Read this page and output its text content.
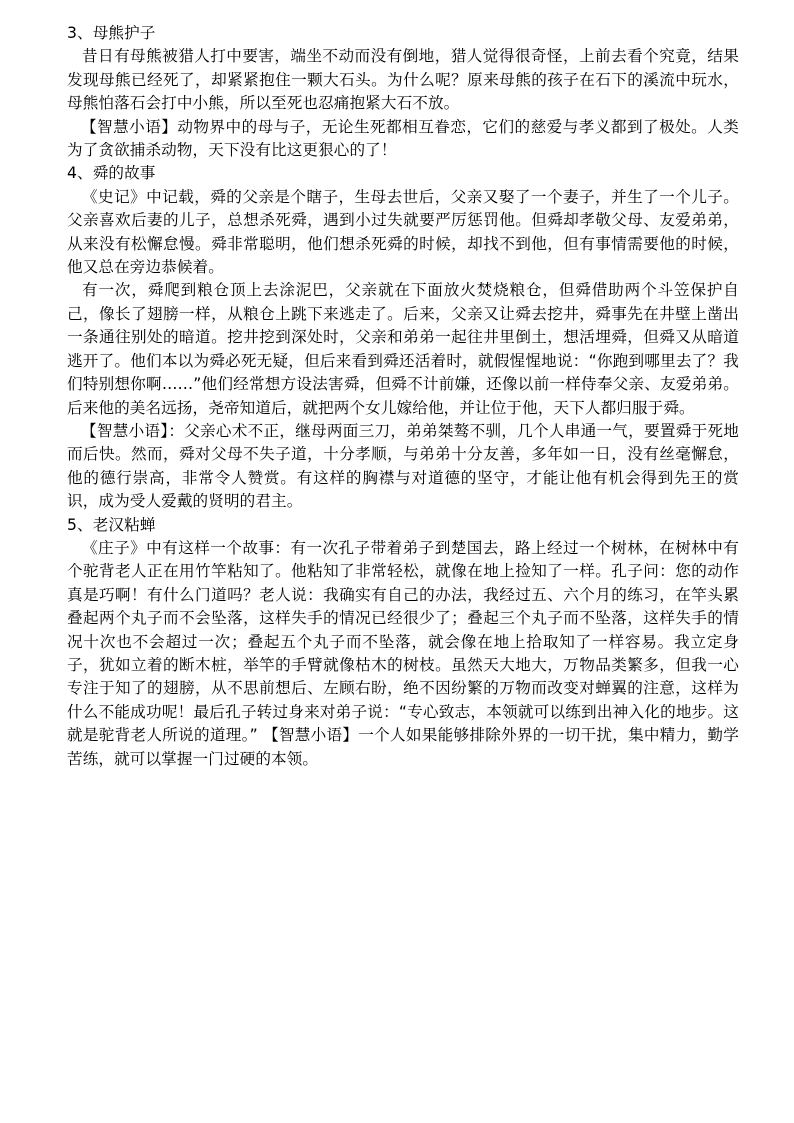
3、母熊护子

昔日有母熊被猎人打中要害，端坐不动而没有倒地，猎人觉得很奇怪，上前去看个究竟，结果发现母熊已经死了，却紧紧抱住一颗大石头。为什么呢？原来母熊的孩子在石下的溪流中玩水，母熊怕落石会打中小熊，所以至死也忍痛抱紧大石不放。

【智慧小语】动物界中的母与子，无论生死都相互眷恋，它们的慈爱与孝义都到了极处。人类为了贪欲捕杀动物，天下没有比这更狠心的了！

4、舜的故事

《史记》中记载，舜的父亲是个瞎子，生母去世后，父亲又娶了一个妻子，并生了一个儿子。父亲喜欢后妻的儿子，总想杀死舜，遇到小过失就要严厉惩罚他。但舜却孝敬父母、友爱弟弟，从来没有松懈怠慢。舜非常聪明，他们想杀死舜的时候，却找不到他，但有事情需要他的时候，他又总在旁边恭候着。

有一次，舜爬到粮仓顶上去涂泥巴，父亲就在下面放火焚烧粮仓，但舜借助两个斗笠保护自己，像长了翅膀一样，从粮仓上跳下来逃走了。后来，父亲又让舜去挖井，舜事先在井壁上凿出一条通往别处的暗道。挖井挖到深处时，父亲和弟弟一起往井里倒土，想活埋舜，但舜又从暗道逃开了。他们本以为舜必死无疑，但后来看到舜还活着时，就假惺惺地说：“你跑到哪里去了？我们特别想你啊……”他们经常想方设法害舜，但舜不计前嫌，还像以前一样侍奉父亲、友爱弟弟。后来他的美名远扬，尧帝知道后，就把两个女儿嫁给他，并让位于他，天下人都归服于舜。

【智慧小语】：父亲心术不正，继母两面三刀，弟弟桀骜不驯，几个人串通一气，要置舜于死地而后快。然而，舜对父母不失子道，十分孝顺，与弟弟十分友善，多年如一日，没有丝毫懈怠，他的德行崇高，非常令人赞赏。有这样的胸襟与对道德的坚守，才能让他有机会得到先王的赏识，成为受人爱戴的贤明的君主。

5、老汉粘蝉

《庄子》中有这样一个故事：有一次孔子带着弟子到楚国去，路上经过一个树林，在树林中有个驼背老人正在用竹竿粘知了。他粘知了非常轻松，就像在地上捡知了一样。孔子问：您的动作真是巧啊！有什么门道吗？老人说：我确实有自己的办法，我经过五、六个月的练习，在竿头累叠起两个丸子而不会坠落，这样失手的情况已经很少了；叠起三个丸子而不坠落，这样失手的情况十次也不会超过一次；叠起五个丸子而不坠落，就会像在地上拾取知了一样容易。我立定身子，犹如立着的断木桩，举竿的手臂就像枯木的树枝。虽然天大地大，万物品类繁多，但我一心专注于知了的翅膀，从不思前想后、左顾右盼，绝不因纷繁的万物而改变对蝉翼的注意，这样为什么不能成功呢！最后孔子转过身来对弟子说：“专心致志，本领就可以练到出神入化的地步。这就是驼背老人所说的道理。” 【智慧小语】一个人如果能够排除外界的一切干扰，集中精力，勤学苦练，就可以掌握一门过硬的本领。
